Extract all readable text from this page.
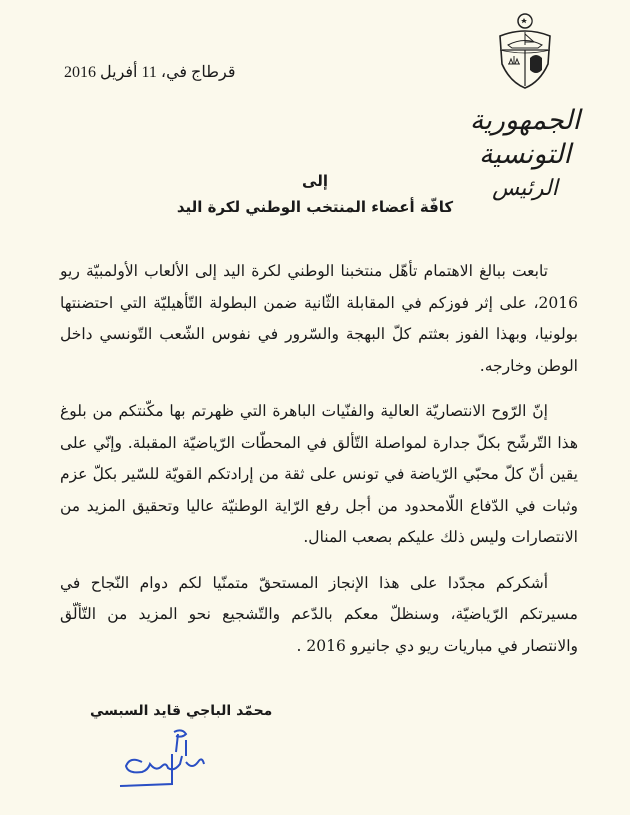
الجمهورية التونسية
الرئيس
قرطاج في، 11 أفريل 2016
إلى
كافّة أعضاء المنتخب الوطني لكرة اليد

تابعت ببالغ الاهتمام تأهّل منتخبنا الوطني لكرة اليد إلى الألعاب الأولمبيّة ريو 2016، على إثر فوزكم في المقابلة الثّانية ضمن البطولة التّأهيليّة التي احتضنتها بولونيا، وبهذا الفوز بعثتم كلّ البهجة والسّرور في نفوس الشّعب التّونسي داخل الوطن وخارجه.

إنّ الرّوح الانتصاريّة العالية والفنّيات الباهرة التي ظهرتم بها مكّنتكم من بلوغ هذا التّرشّح بكلّ جدارة لمواصلة التّألق في المحطّات الرّياضيّة المقبلة. وإنّي على يقين أنّ كلّ محبّي الرّياضة في تونس على ثقة من إرادتكم القويّة للسّير بكلّ عزم وثبات في الدّفاع اللّامحدود من أجل رفع الرّاية الوطنيّة عاليا وتحقيق المزيد من الانتصارات وليس ذلك عليكم بصعب المنال.

أشكركم مجدّدا على هذا الإنجاز المستحقّ متمنّيا لكم دوام النّجاح في مسيرتكم الرّياضيّة، وسنظلّ معكم بالدّعم والتّشجيع نحو المزيد من التّألّق والانتصار في مباريات ريو دي جانيرو 2016 .

محمّد الباجي قايد السبسي
